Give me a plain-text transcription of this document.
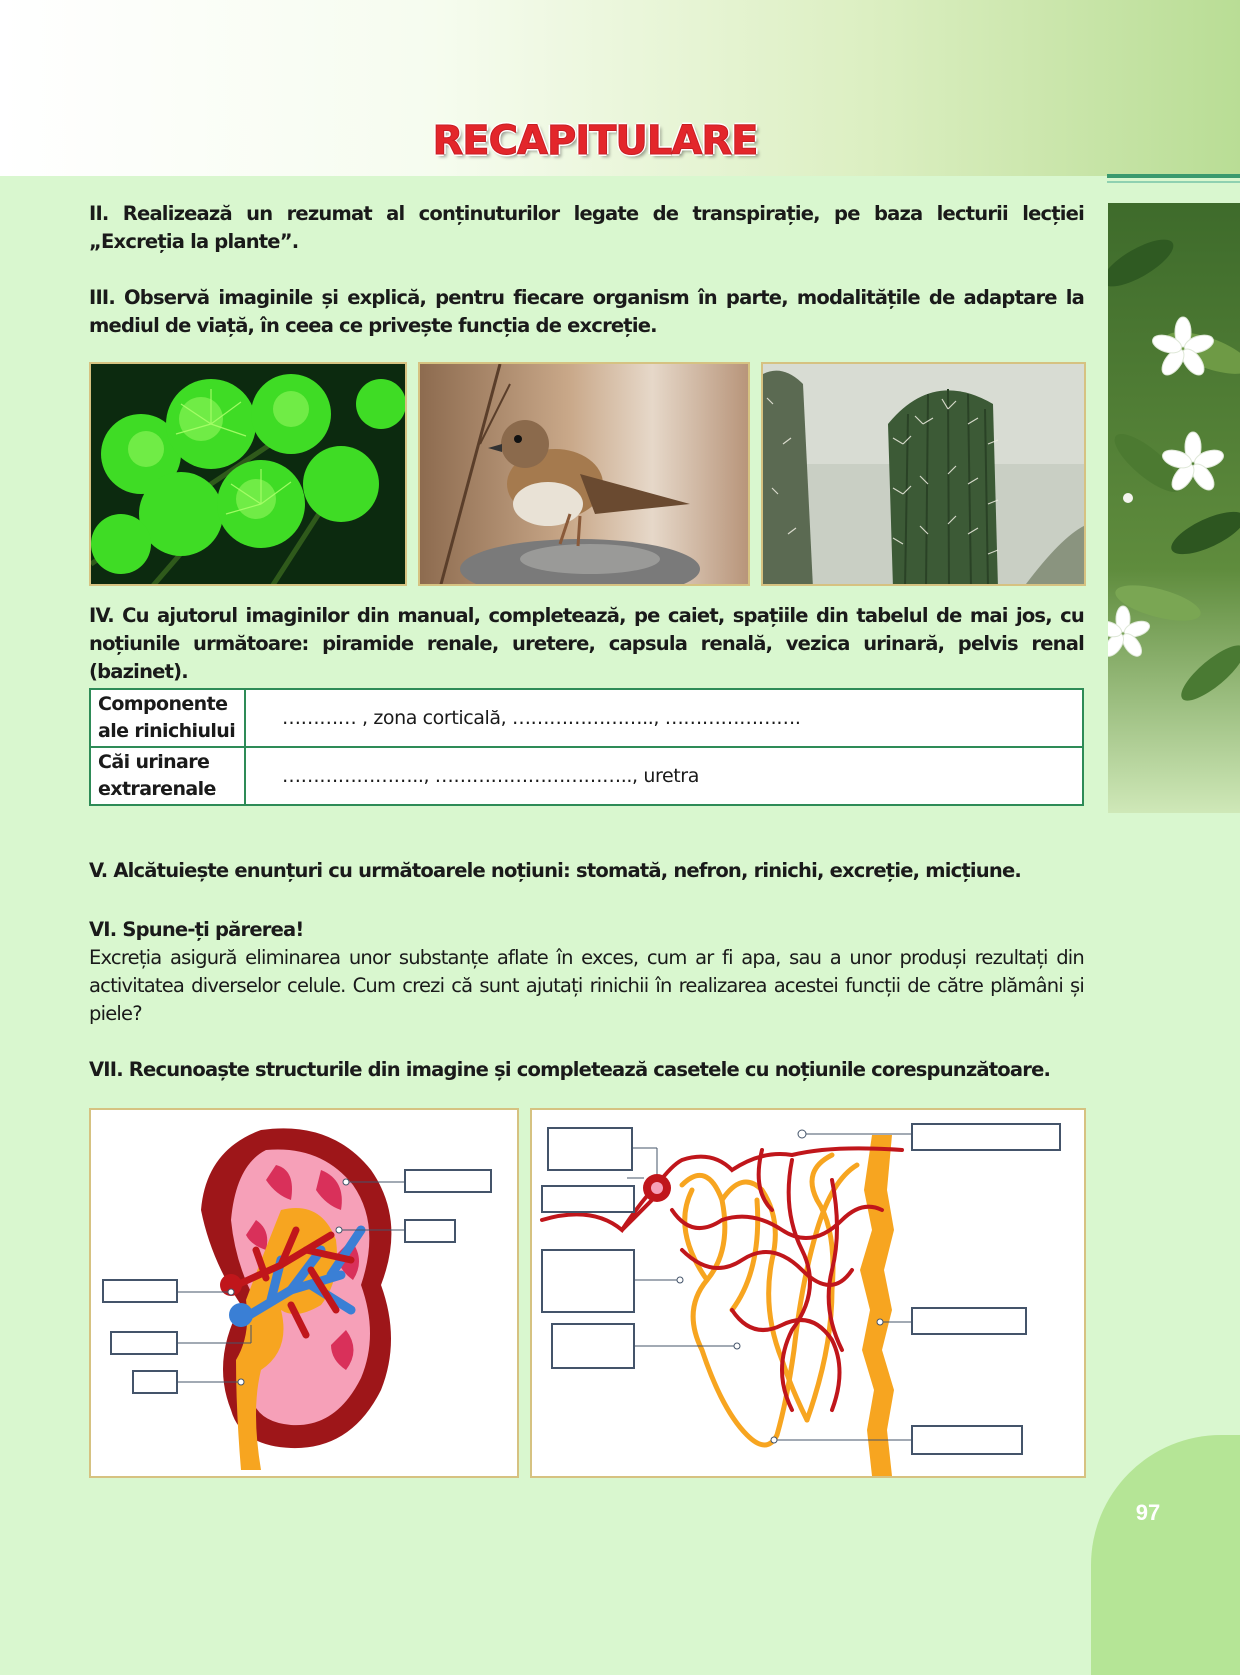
RECAPITULARE

II. Realizează un rezumat al conținuturilor legate de transpirație, pe baza lecturii lecției „Excreția la plante”.

III. Observă imaginile și explică, pentru fiecare organism în parte, modalitățile de adaptare la mediul de viață, în ceea ce privește funcția de excreție.

IV. Cu ajutorul imaginilor din manual, completează, pe caiet, spațiile din tabelul de mai jos, cu noțiunile următoare: piramide renale, uretere, capsula renală, vezica urinară, pelvis renal (bazinet).

Componente ale rinichiului	………… , zona corticală, ………………….., ………………….
Căi urinare extrarenale	………………….., ………………………….., uretra

V. Alcătuiește enunțuri cu următoarele noțiuni: stomată, nefron, rinichi, excreție, micțiune.

VI. Spune-ți părerea!

Excreția asigură eliminarea unor substanțe aflate în exces, cum ar fi apa, sau a unor produși rezultați din activitatea diverselor celule. Cum crezi că sunt ajutați rinichii în realizarea acestei funcții de către plămâni și piele?

VII. Recunoaște structurile din imagine și completează casetele cu noțiunile corespunzătoare.

97
